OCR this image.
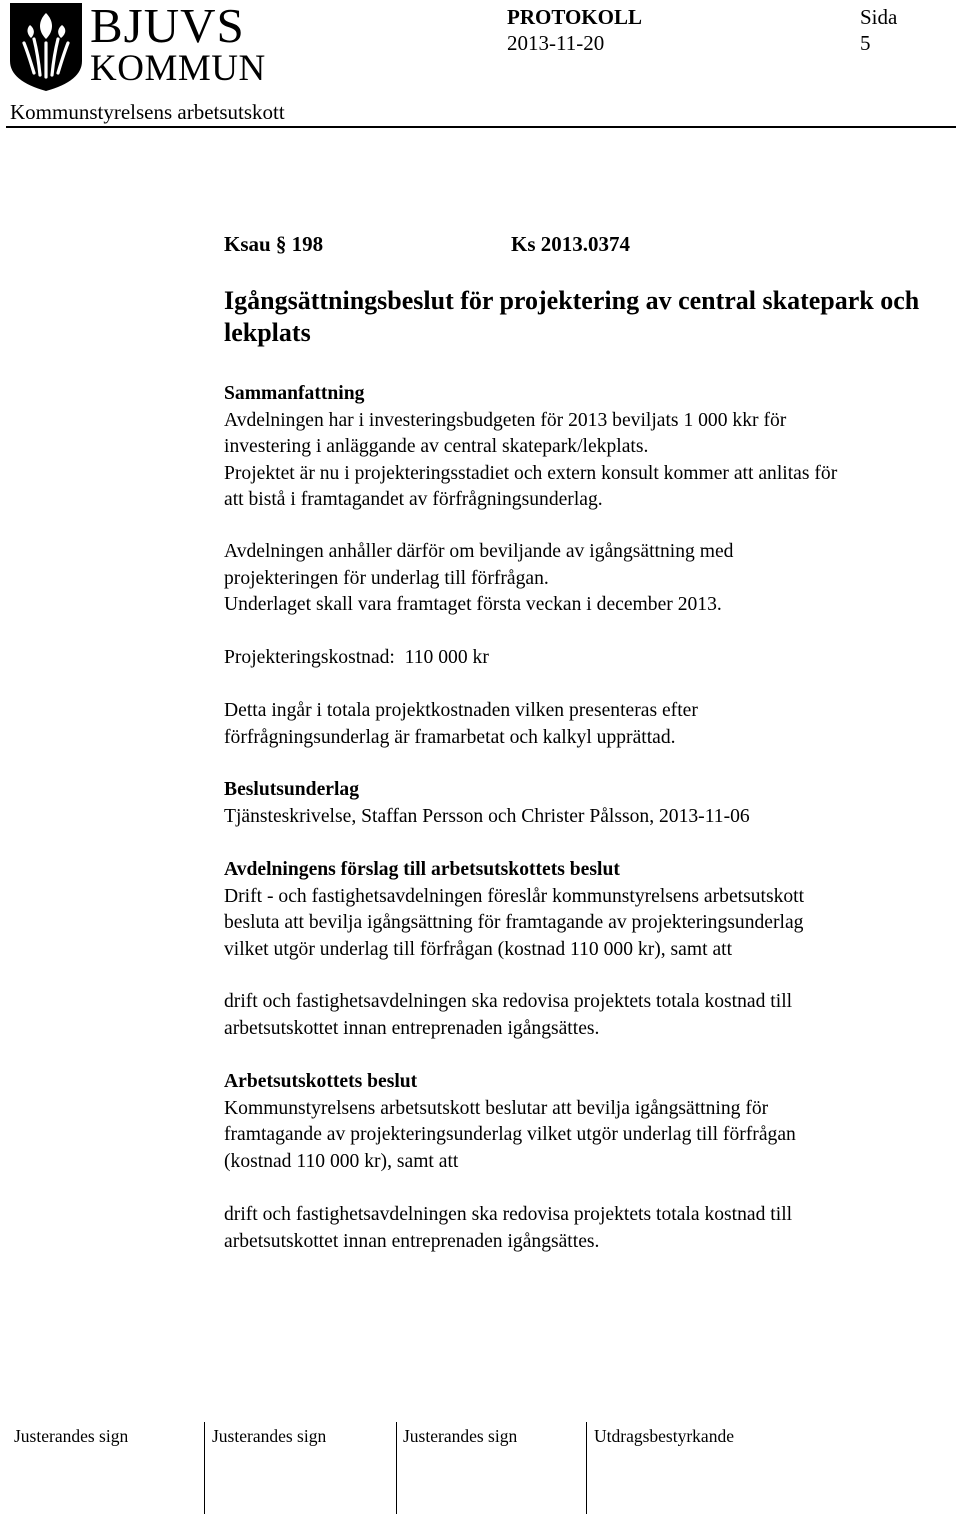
BJUVS
KOMMUN
PROTOKOLL
2013-11-20
Sida
5
Kommunstyrelsens arbetsutskott
Ksau § 198	Ks 2013.0374
Igångsättningsbeslut för projektering av central skatepark och lekplats

Sammanfattning

Avdelningen har i investeringsbudgeten för 2013 beviljats 1 000 kkr för

investering i anläggande av central skatepark/lekplats.

Projektet är nu i projekteringsstadiet och extern konsult kommer att anlitas för

att bistå i framtagandet av förfrågningsunderlag.

Avdelningen anhåller därför om beviljande av igångsättning med

projekteringen för underlag till förfrågan.

Underlaget skall vara framtaget första veckan i december 2013.

Projekteringskostnad:  110 000 kr

Detta ingår i totala projektkostnaden vilken presenteras efter

förfrågningsunderlag är framarbetat och kalkyl upprättad.

Beslutsunderlag

Tjänsteskrivelse, Staffan Persson och Christer Pålsson, 2013-11-06

Avdelningens förslag till arbetsutskottets beslut

Drift - och fastighetsavdelningen föreslår kommunstyrelsens arbetsutskott

besluta att bevilja igångsättning för framtagande av projekteringsunderlag

vilket utgör underlag till förfrågan (kostnad 110 000 kr), samt att

drift och fastighetsavdelningen ska redovisa projektets totala kostnad till

arbetsutskottet innan entreprenaden igångsättes.

Arbetsutskottets beslut

Kommunstyrelsens arbetsutskott beslutar att bevilja igångsättning för

framtagande av projekteringsunderlag vilket utgör underlag till förfrågan

(kostnad 110 000 kr), samt att

drift och fastighetsavdelningen ska redovisa projektets totala kostnad till

arbetsutskottet innan entreprenaden igångsättes.

Justerandes sign	Justerandes sign	Justerandes sign	Utdragsbestyrkande
